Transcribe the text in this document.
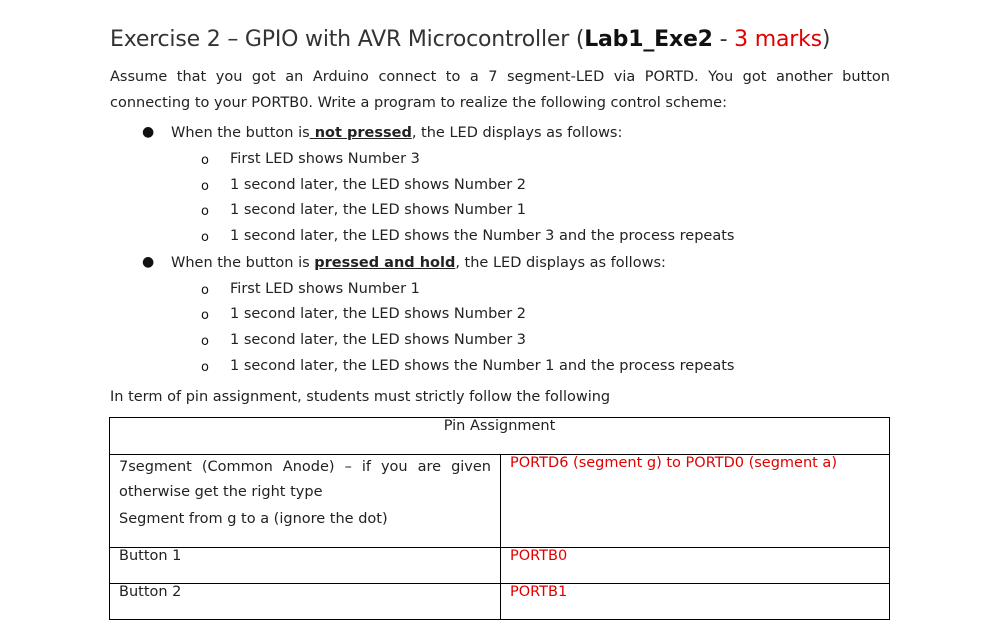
Exercise 2 – GPIO with AVR Microcontroller (Lab1_Exe2 - 3 marks)
Assume that you got an Arduino connect to a 7 segment-LED via PORTD. You got another button connecting to your PORTB0. Write a program to realize the following control scheme:
● When the button is not pressed, the LED displays as follows:
o First LED shows Number 3
o 1 second later, the LED shows Number 2
o 1 second later, the LED shows Number 1
o 1 second later, the LED shows the Number 3 and the process repeats
● When the button is pressed and hold, the LED displays as follows:
o First LED shows Number 1
o 1 second later, the LED shows Number 2
o 1 second later, the LED shows Number 3
o 1 second later, the LED shows the Number 1 and the process repeats
In term of pin assignment, students must strictly follow the following
Pin Assignment	

7segment (Common Anode) – if you are given otherwise get the right type
Segment from g to a (ignore the dot)	PORTD6 (segment g) to PORTD0 (segment a)
Button 1	PORTB0
Button 2	PORTB1
